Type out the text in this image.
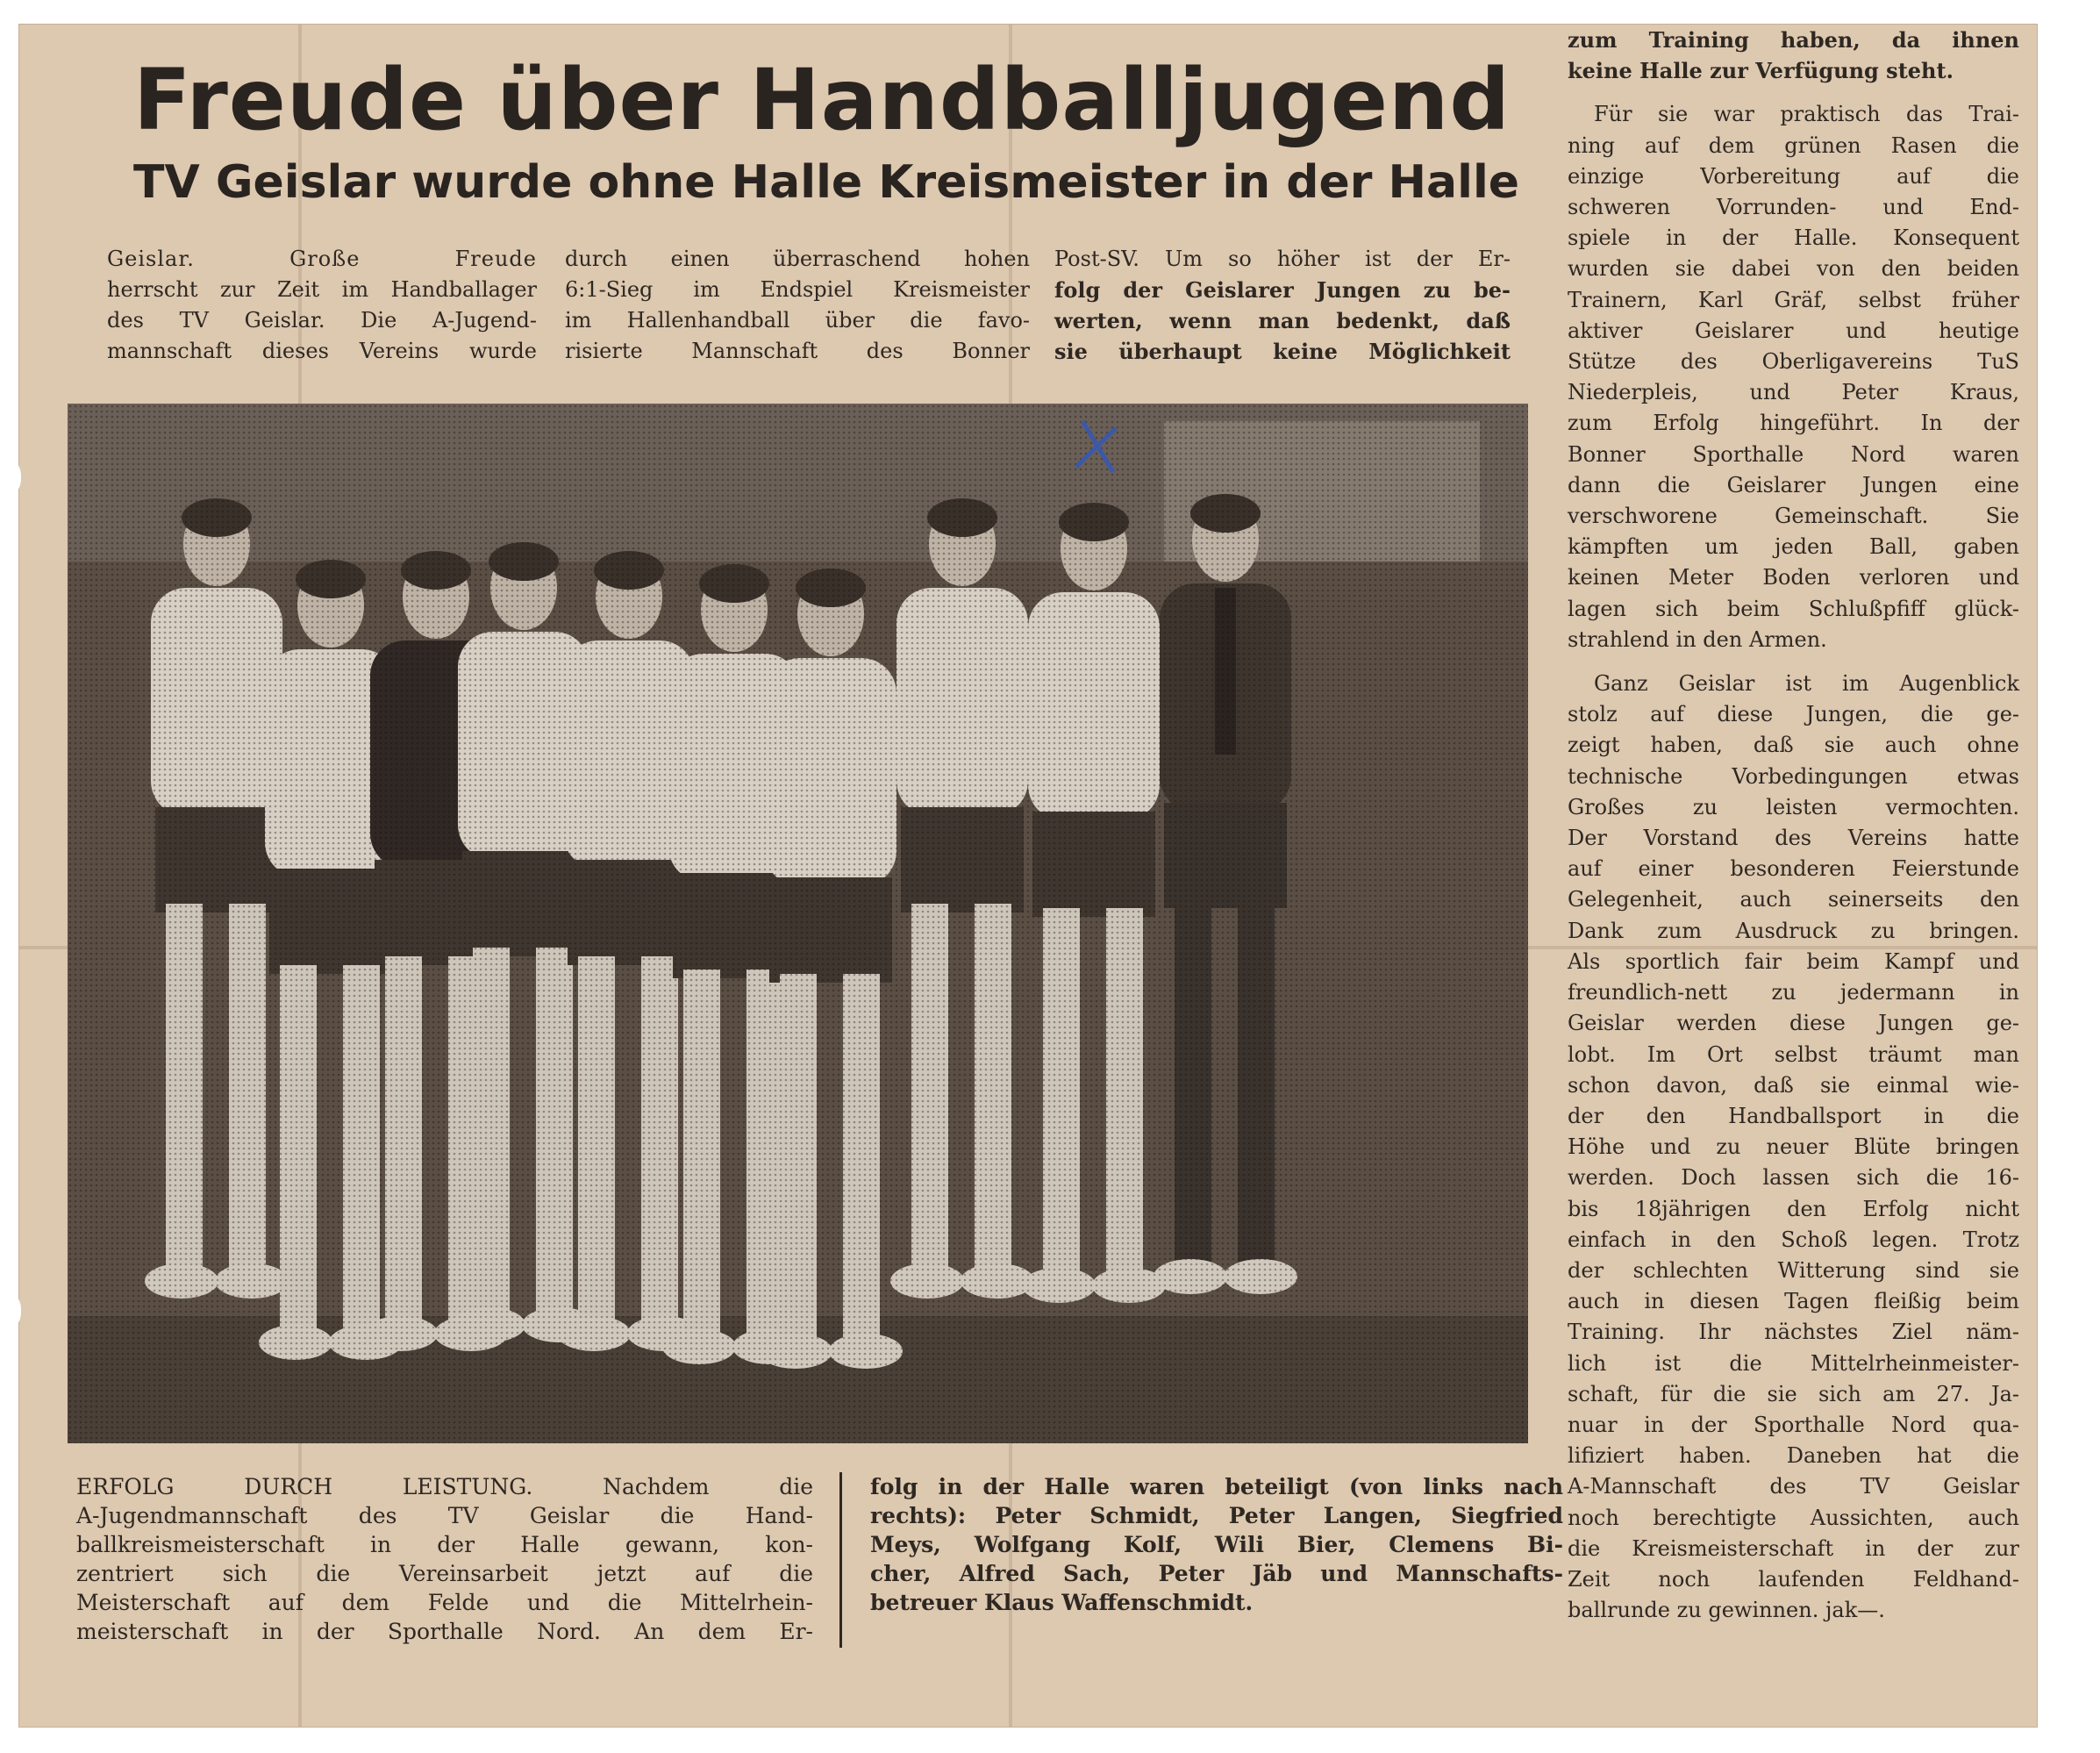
Freude über Handballjugend
TV Geislar wurde ohne Halle Kreismeister in der Halle
Geislar. Große Freude
herrscht zur Zeit im Handballager
des TV Geislar. Die A-Jugend-
mannschaft dieses Vereins wurde
durch einen überraschend hohen
6:1-Sieg im Endspiel Kreismeister
im Hallenhandball über die favo-
risierte Mannschaft des Bonner
Post-SV. Um so höher ist der Er-
folg der Geislarer Jungen zu be-
werten, wenn man bedenkt, daß
sie überhaupt keine Möglichkeit
ERFOLG DURCH LEISTUNG. Nachdem die
A-Jugendmannschaft des TV Geislar die Hand-
ballkreismeisterschaft in der Halle gewann, kon-
zentriert sich die Vereinsarbeit jetzt auf die
Meisterschaft auf dem Felde und die Mittelrhein-
meisterschaft in der Sporthalle Nord. An dem Er-
folg in der Halle waren beteiligt (von links nach
rechts): Peter Schmidt, Peter Langen, Siegfried
Meys, Wolfgang Kolf, Wili Bier, Clemens Bi-
cher, Alfred Sach, Peter Jäb und Mannschafts-
betreuer Klaus Waffenschmidt.
zum Training haben, da ihnen
keine Halle zur Verfügung steht.
Für sie war praktisch das Trai-
ning auf dem grünen Rasen die
einzige Vorbereitung auf die
schweren Vorrunden- und End-
spiele in der Halle. Konsequent
wurden sie dabei von den beiden
Trainern, Karl Gräf, selbst früher
aktiver Geislarer und heutige
Stütze des Oberligavereins TuS
Niederpleis, und Peter Kraus,
zum Erfolg hingeführt. In der
Bonner Sporthalle Nord waren
dann die Geislarer Jungen eine
verschworene Gemeinschaft. Sie
kämpften um jeden Ball, gaben
keinen Meter Boden verloren und
lagen sich beim Schlußpfiff glück-
strahlend in den Armen.
Ganz Geislar ist im Augenblick
stolz auf diese Jungen, die ge-
zeigt haben, daß sie auch ohne
technische Vorbedingungen etwas
Großes zu leisten vermochten.
Der Vorstand des Vereins hatte
auf einer besonderen Feierstunde
Gelegenheit, auch seinerseits den
Dank zum Ausdruck zu bringen.
Als sportlich fair beim Kampf und
freundlich-nett zu jedermann in
Geislar werden diese Jungen ge-
lobt. Im Ort selbst träumt man
schon davon, daß sie einmal wie-
der den Handballsport in die
Höhe und zu neuer Blüte bringen
werden. Doch lassen sich die 16-
bis 18jährigen den Erfolg nicht
einfach in den Schoß legen. Trotz
der schlechten Witterung sind sie
auch in diesen Tagen fleißig beim
Training. Ihr nächstes Ziel näm-
lich ist die Mittelrheinmeister-
schaft, für die sie sich am 27. Ja-
nuar in der Sporthalle Nord qua-
lifiziert haben. Daneben hat die
A-Mannschaft des TV Geislar
noch berechtigte Aussichten, auch
die Kreismeisterschaft in der zur
Zeit noch laufenden Feldhand-
ballrunde zu gewinnen. jak—.
